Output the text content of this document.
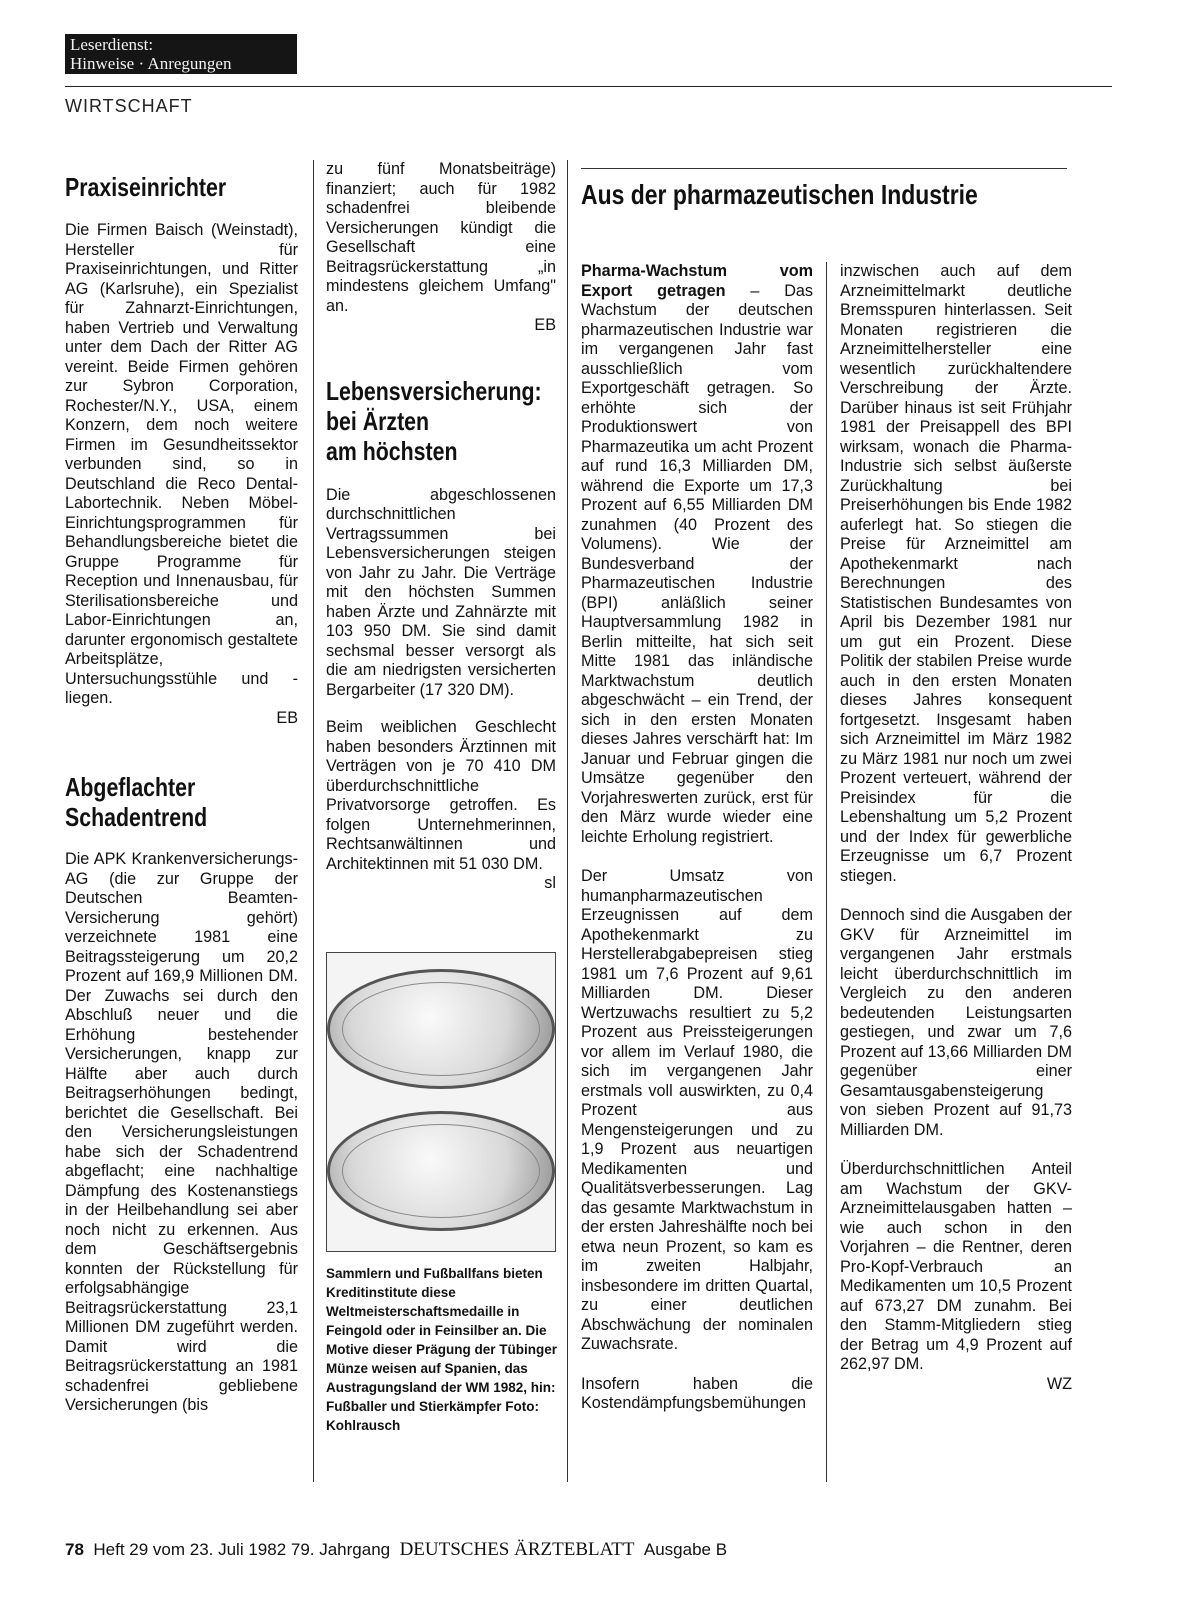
Leserdienst:
Hinweise · Anregungen
WIRTSCHAFT
Praxiseinrichter

Die Firmen Baisch (Weinstadt), Hersteller für Praxiseinrichtungen, und Ritter AG (Karlsruhe), ein Spezialist für Zahnarzt-Einrichtungen, haben Vertrieb und Verwaltung unter dem Dach der Ritter AG vereint. Beide Firmen gehören zur Sybron Corporation, Rochester/N.Y., USA, einem Konzern, dem noch weitere Firmen im Gesundheitssektor verbunden sind, so in Deutschland die Reco Dental-Labortechnik. Neben Möbel-Einrichtungsprogrammen für Behandlungsbereiche bietet die Gruppe Programme für Reception und Innenausbau, für Sterilisationsbereiche und Labor-Einrichtungen an, darunter ergonomisch gestaltete Arbeitsplätze, Untersuchungsstühle und -liegen.

EB
Abgeflachter
Schadentrend

Die APK Krankenversicherungs-AG (die zur Gruppe der Deutschen Beamten-Versicherung gehört) verzeichnete 1981 eine Beitragssteigerung um 20,2 Prozent auf 169,9 Millionen DM. Der Zuwachs sei durch den Abschluß neuer und die Erhöhung bestehender Versicherungen, knapp zur Hälfte aber auch durch Beitragserhöhungen bedingt, berichtet die Gesellschaft. Bei den Versicherungsleistungen habe sich der Schadentrend abgeflacht; eine nachhaltige Dämpfung des Kostenanstiegs in der Heilbehandlung sei aber noch nicht zu erkennen. Aus dem Geschäftsergebnis konnten der Rückstellung für erfolgsabhängige Beitragsrückerstattung 23,1 Millionen DM zugeführt werden. Damit wird die Beitragsrückerstattung an 1981 schadenfrei gebliebene Versicherungen (bis

zu fünf Monatsbeiträge) finanziert; auch für 1982 schadenfrei bleibende Versicherungen kündigt die Gesellschaft eine Beitragsrückerstattung „in mindestens gleichem Umfang" an.

EB
Lebensversicherung:
bei Ärzten
am höchsten

Die abgeschlossenen durchschnittlichen Vertragssummen bei Lebensversicherungen steigen von Jahr zu Jahr. Die Verträge mit den höchsten Summen haben Ärzte und Zahnärzte mit 103 950 DM. Sie sind damit sechsmal besser versorgt als die am niedrigsten versicherten Bergarbeiter (17 320 DM).

Beim weiblichen Geschlecht haben besonders Ärztinnen mit Verträgen von je 70 410 DM überdurchschnittliche Privatvorsorge getroffen. Es folgen Unternehmerinnen, Rechtsanwältinnen und Architektinnen mit 51 030 DM.

sl
Sammlern und Fußballfans bieten Kreditinstitute diese Weltmeisterschaftsmedaille in Feingold oder in Feinsilber an. Die Motive dieser Prägung der Tübinger Münze weisen auf Spanien, das Austragungsland der WM 1982, hin: Fußballer und Stierkämpfer Foto: Kohlrausch
Aus der pharmazeutischen Industrie

Pharma-Wachstum vom Export getragen – Das Wachstum der deutschen pharmazeutischen Industrie war im vergangenen Jahr fast ausschließlich vom Exportgeschäft getragen. So erhöhte sich der Produktionswert von Pharmazeutika um acht Prozent auf rund 16,3 Milliarden DM, während die Exporte um 17,3 Prozent auf 6,55 Milliarden DM zunahmen (40 Prozent des Volumens). Wie der Bundesverband der Pharmazeutischen Industrie (BPI) anläßlich seiner Hauptversammlung 1982 in Berlin mitteilte, hat sich seit Mitte 1981 das inländische Marktwachstum deutlich abgeschwächt – ein Trend, der sich in den ersten Monaten dieses Jahres verschärft hat: Im Januar und Februar gingen die Umsätze gegenüber den Vorjahreswerten zurück, erst für den März wurde wieder eine leichte Erholung registriert.

Der Umsatz von humanpharmazeutischen Erzeugnissen auf dem Apothekenmarkt zu Herstellerabgabepreisen stieg 1981 um 7,6 Prozent auf 9,61 Milliarden DM. Dieser Wertzuwachs resultiert zu 5,2 Prozent aus Preissteigerungen vor allem im Verlauf 1980, die sich im vergangenen Jahr erstmals voll auswirkten, zu 0,4 Prozent aus Mengensteigerungen und zu 1,9 Prozent aus neuartigen Medikamenten und Qualitätsverbesserungen. Lag das gesamte Marktwachstum in der ersten Jahreshälfte noch bei etwa neun Prozent, so kam es im zweiten Halbjahr, insbesondere im dritten Quartal, zu einer deutlichen Abschwächung der nominalen Zuwachsrate.

Insofern haben die Kostendämpfungsbemühungen

inzwischen auch auf dem Arzneimittelmarkt deutliche Bremsspuren hinterlassen. Seit Monaten registrieren die Arzneimittelhersteller eine wesentlich zurückhaltendere Verschreibung der Ärzte. Darüber hinaus ist seit Frühjahr 1981 der Preisappell des BPI wirksam, wonach die Pharma-Industrie sich selbst äußerste Zurückhaltung bei Preiserhöhungen bis Ende 1982 auferlegt hat. So stiegen die Preise für Arzneimittel am Apothekenmarkt nach Berechnungen des Statistischen Bundesamtes von April bis Dezember 1981 nur um gut ein Prozent. Diese Politik der stabilen Preise wurde auch in den ersten Monaten dieses Jahres konsequent fortgesetzt. Insgesamt haben sich Arzneimittel im März 1982 zu März 1981 nur noch um zwei Prozent verteuert, während der Preisindex für die Lebenshaltung um 5,2 Prozent und der Index für gewerbliche Erzeugnisse um 6,7 Prozent stiegen.

Dennoch sind die Ausgaben der GKV für Arzneimittel im vergangenen Jahr erstmals leicht überdurchschnittlich im Vergleich zu den anderen bedeutenden Leistungsarten gestiegen, und zwar um 7,6 Prozent auf 13,66 Milliarden DM gegenüber einer Gesamtausgabensteigerung von sieben Prozent auf 91,73 Milliarden DM.

Überdurchschnittlichen Anteil am Wachstum der GKV-Arzneimittelausgaben hatten – wie auch schon in den Vorjahren – die Rentner, deren Pro-Kopf-Verbrauch an Medikamenten um 10,5 Prozent auf 673,27 DM zunahm. Bei den Stamm-Mitgliedern stieg der Betrag um 4,9 Prozent auf 262,97 DM.

WZ
78 Heft 29 vom 23. Juli 1982 79. Jahrgang DEUTSCHES ÄRZTEBLATT Ausgabe B
